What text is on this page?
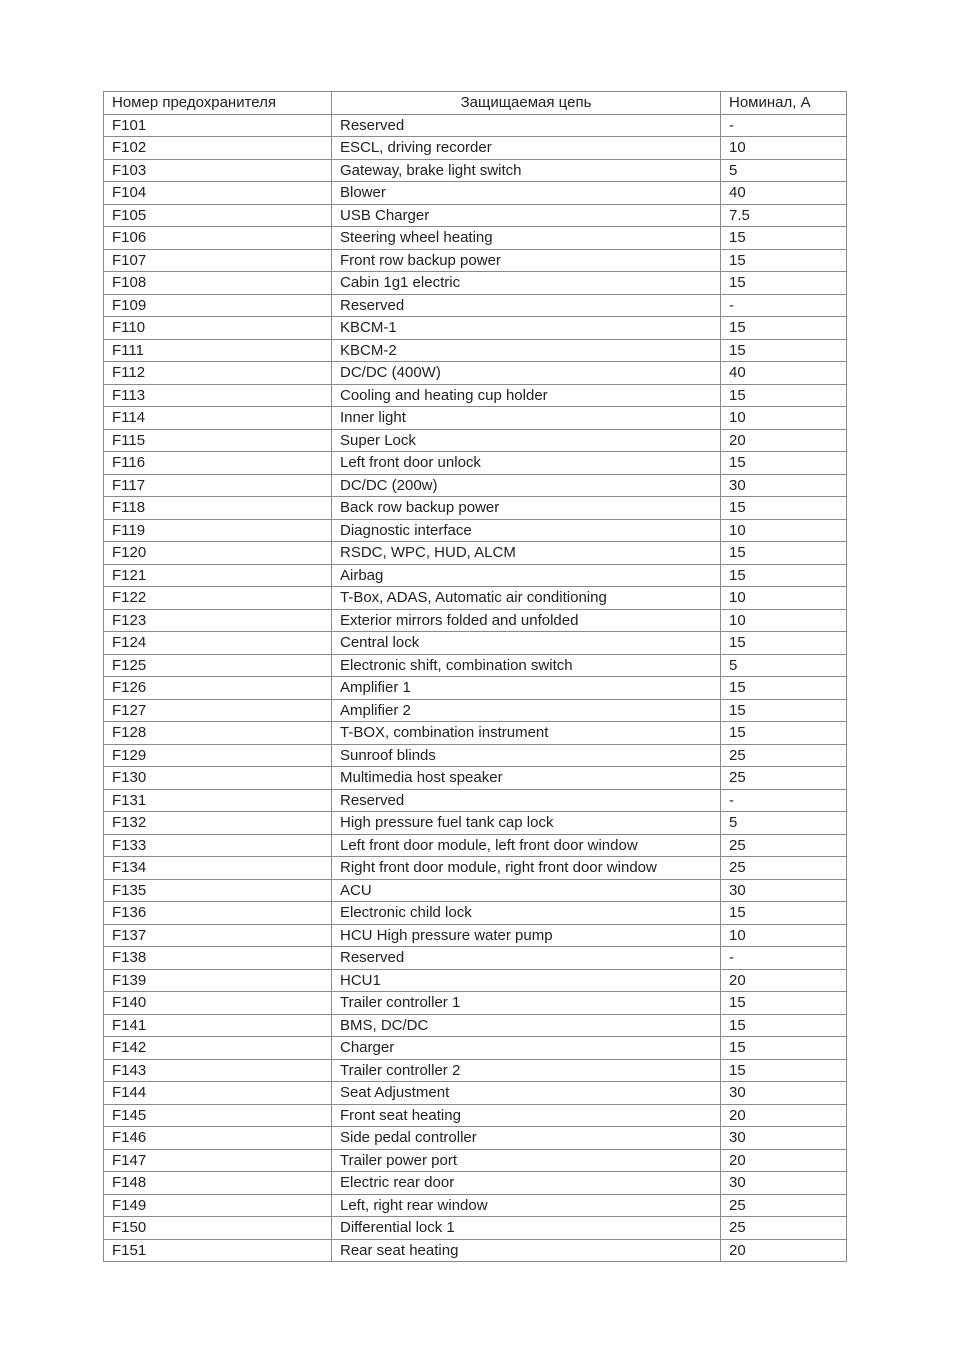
Номер предохранителя	Защищаемая цепь	Номинал, А
F101	Reserved	-
F102	ESCL, driving recorder	10
F103	Gateway, brake light switch	5
F104	Blower	40
F105	USB Charger	7.5
F106	Steering wheel heating	15
F107	Front row backup power	15
F108	Cabin 1g1 electric	15
F109	Reserved	-
F110	KBCM-1	15
F111	KBCM-2	15
F112	DC/DC (400W)	40
F113	Cooling and heating cup holder	15
F114	Inner light	10
F115	Super Lock	20
F116	Left front door unlock	15
F117	DC/DC (200w)	30
F118	Back row backup power	15
F119	Diagnostic interface	10
F120	RSDC, WPC, HUD, ALCM	15
F121	Airbag	15
F122	T-Box, ADAS, Automatic air conditioning	10
F123	Exterior mirrors folded and unfolded	10
F124	Central lock	15
F125	Electronic shift, combination switch	5
F126	Amplifier 1	15
F127	Amplifier 2	15
F128	T-BOX, combination instrument	15
F129	Sunroof blinds	25
F130	Multimedia host speaker	25
F131	Reserved	-
F132	High pressure fuel tank cap lock	5
F133	Left front door module, left front door window	25
F134	Right front door module, right front door window	25
F135	ACU	30
F136	Electronic child lock	15
F137	HCU High pressure water pump	10
F138	Reserved	-
F139	HCU1	20
F140	Trailer controller 1	15
F141	BMS, DC/DC	15
F142	Charger	15
F143	Trailer controller 2	15
F144	Seat Adjustment	30
F145	Front seat heating	20
F146	Side pedal controller	30
F147	Trailer power port	20
F148	Electric rear door	30
F149	Left, right rear window	25
F150	Differential lock 1	25
F151	Rear seat heating	20
